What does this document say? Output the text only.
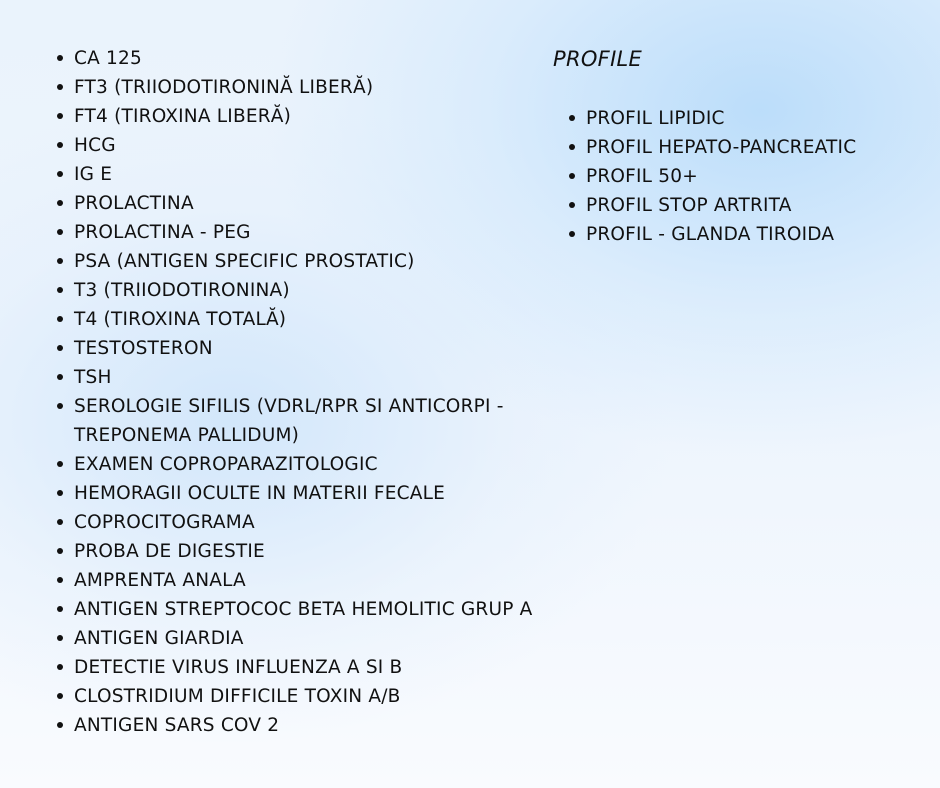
CA 125
FT3 (TRIIODOTIRONINĂ LIBERĂ)
FT4 (TIROXINA LIBERĂ)
HCG
IG E
PROLACTINA
PROLACTINA - PEG
PSA (ANTIGEN SPECIFIC PROSTATIC)
T3 (TRIIODOTIRONINA)
T4 (TIROXINA TOTALĂ)
TESTOSTERON
TSH
SEROLOGIE SIFILIS (VDRL/RPR SI ANTICORPI -TREPONEMA PALLIDUM)
EXAMEN COPROPARAZITOLOGIC
HEMORAGII OCULTE IN MATERII FECALE
COPROCITOGRAMA
PROBA DE DIGESTIE
AMPRENTA ANALA
ANTIGEN STREPTOCOC BETA HEMOLITIC GRUP A
ANTIGEN GIARDIA
DETECTIE VIRUS INFLUENZA A SI B
CLOSTRIDIUM DIFFICILE TOXIN A/B
ANTIGEN SARS COV 2
PROFILE
PROFIL LIPIDIC
PROFIL HEPATO-PANCREATIC
PROFIL 50+
PROFIL STOP ARTRITA
PROFIL - GLANDA TIROIDA
